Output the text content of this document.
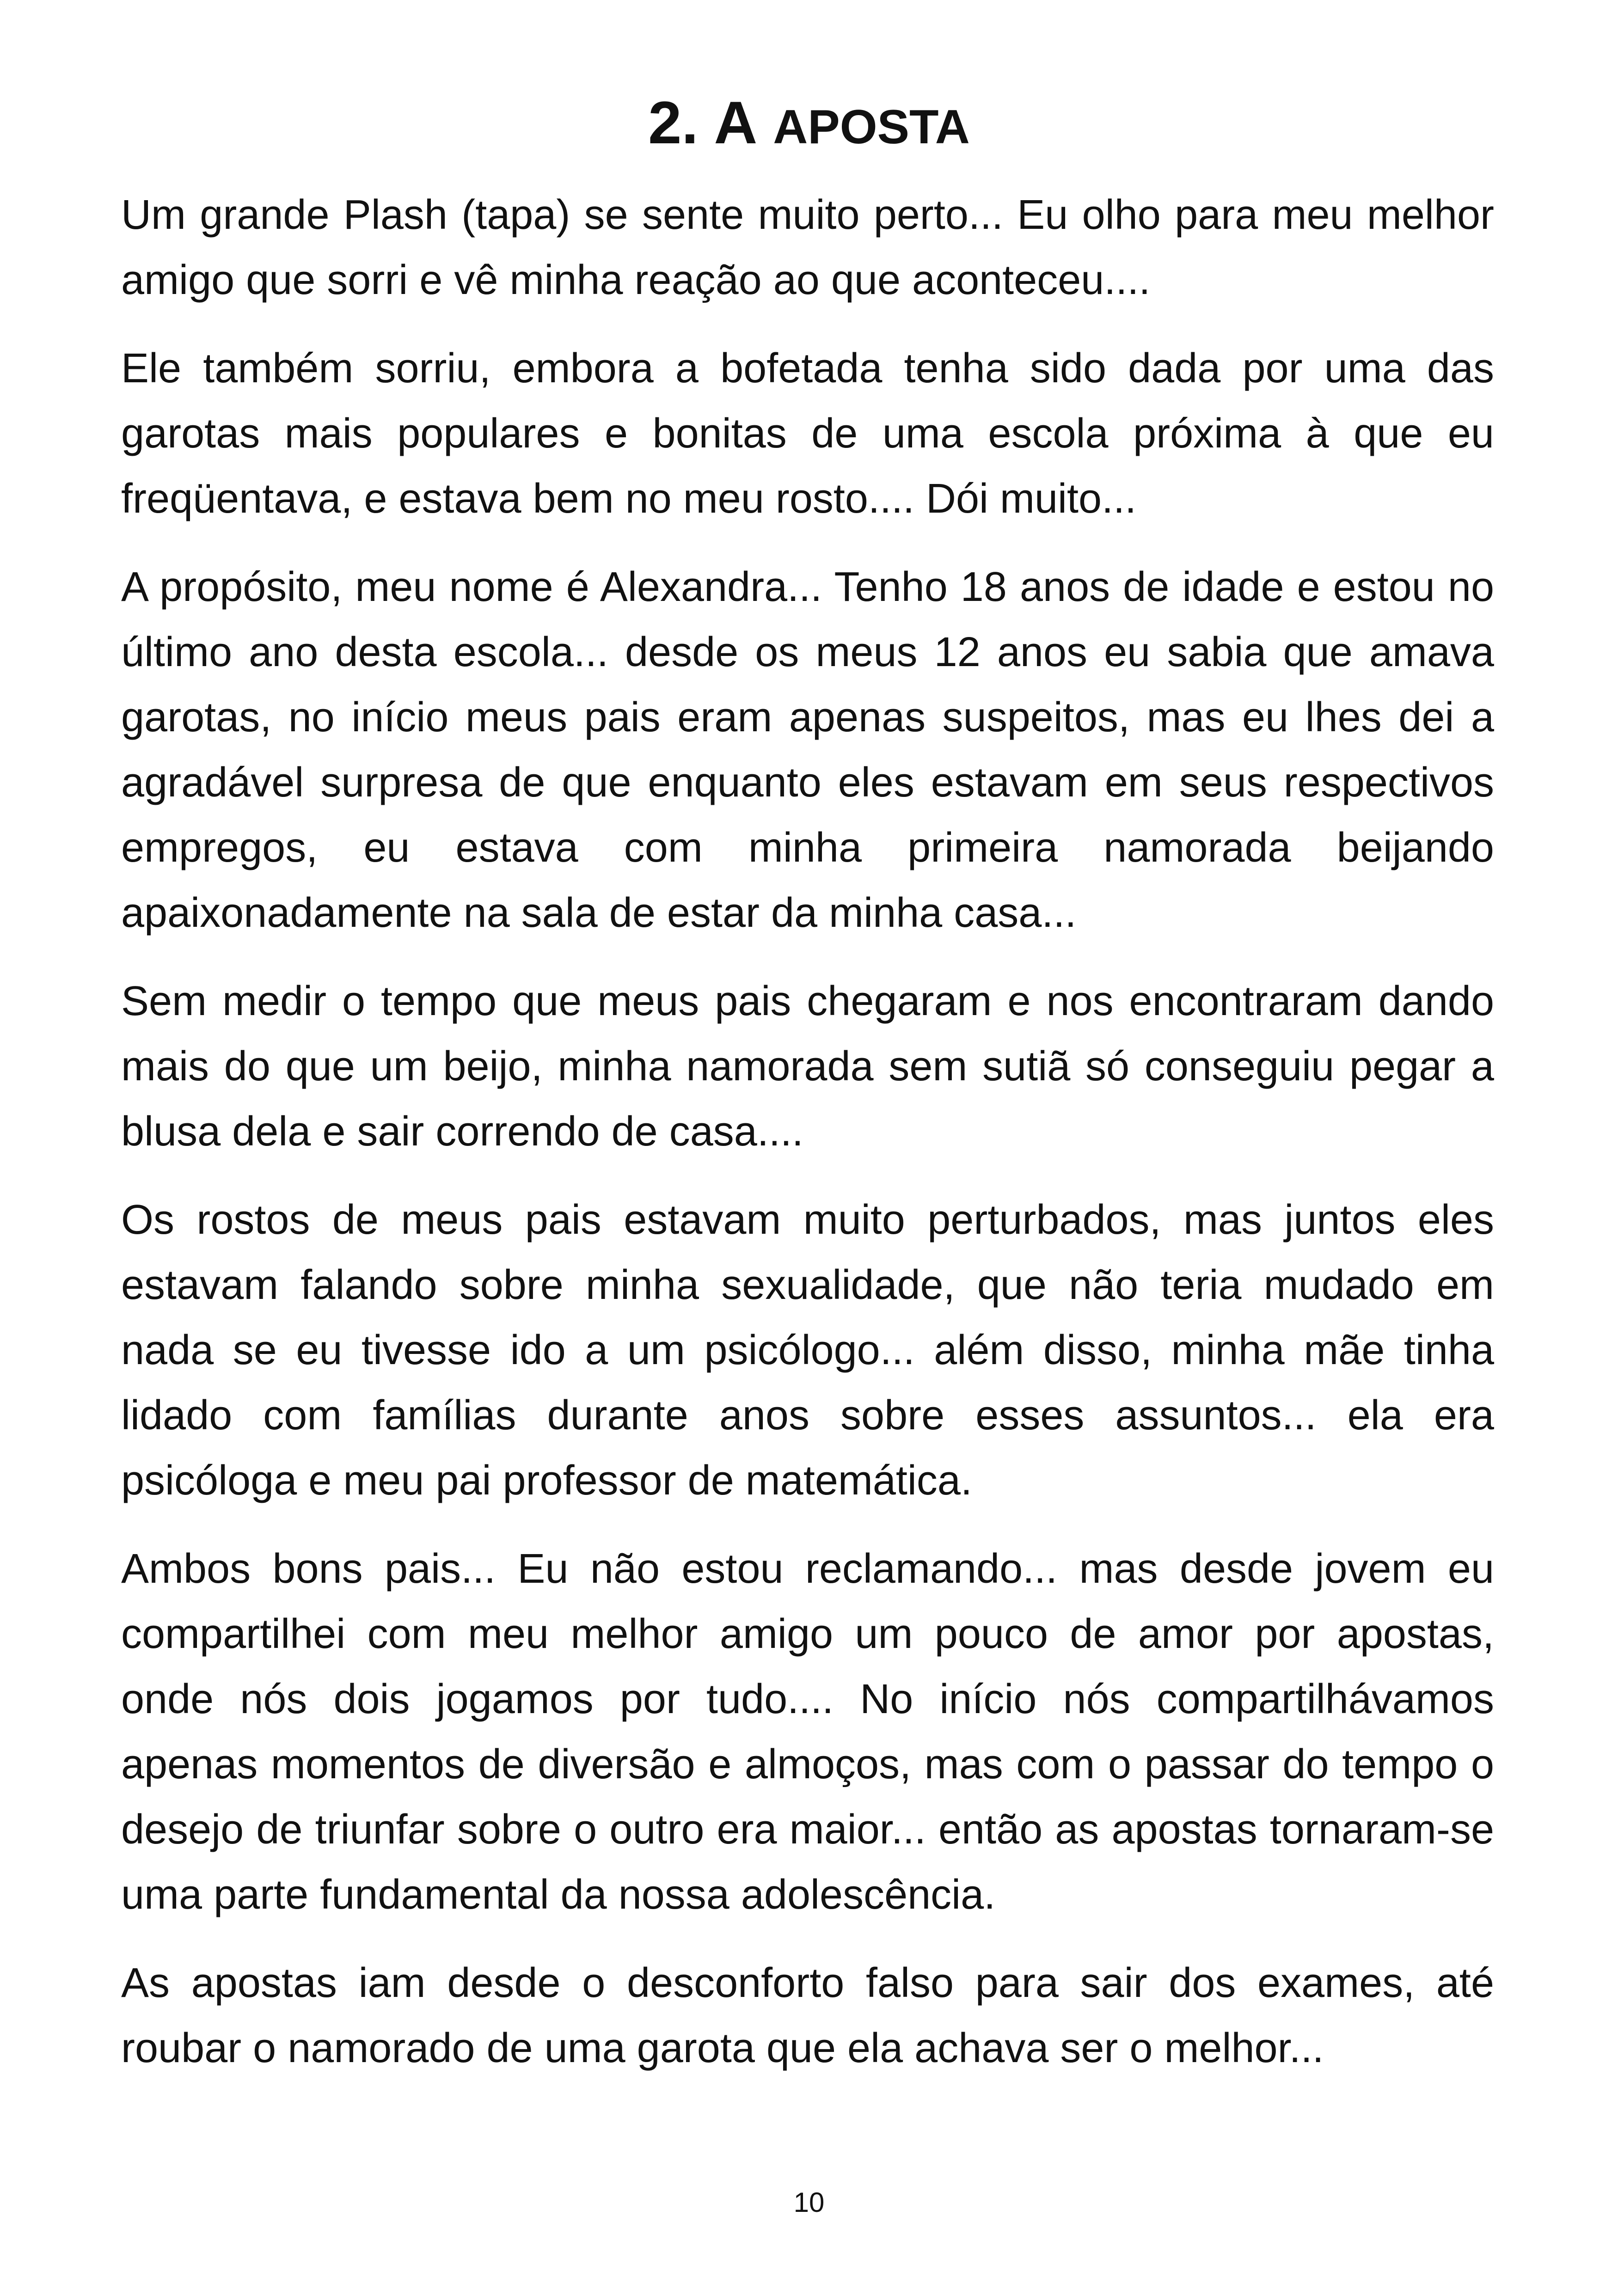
2. A APOSTA

Um grande Plash (tapa) se sente muito perto... Eu olho para meu melhor amigo que sorri e vê minha reação ao que aconteceu....

Ele também sorriu, embora a bofetada tenha sido dada por uma das garotas mais populares e bonitas de uma escola próxima à que eu freqüentava, e estava bem no meu rosto.... Dói muito...

A propósito, meu nome é Alexandra... Tenho 18 anos de idade e estou no último ano desta escola... desde os meus 12 anos eu sabia que amava garotas, no início meus pais eram apenas suspeitos, mas eu lhes dei a agradável surpresa de que enquanto eles estavam em seus respectivos empregos, eu estava com minha primeira namorada beijando apaixonadamente na sala de estar da minha casa...

Sem medir o tempo que meus pais chegaram e nos encontraram dando mais do que um beijo, minha namorada sem sutiã só conseguiu pegar a blusa dela e sair correndo de casa....

Os rostos de meus pais estavam muito perturbados, mas juntos eles estavam falando sobre minha sexualidade, que não teria mudado em nada se eu tivesse ido a um psicólogo... além disso, minha mãe tinha lidado com famílias durante anos sobre esses assuntos... ela era psicóloga e meu pai professor de matemática.

Ambos bons pais... Eu não estou reclamando... mas desde jovem eu compartilhei com meu melhor amigo um pouco de amor por apostas, onde nós dois jogamos por tudo.... No início nós compartilhávamos apenas momentos de diversão e almoços, mas com o passar do tempo o desejo de triunfar sobre o outro era maior... então as apostas tornaram-se uma parte fundamental da nossa adolescência.

As apostas iam desde o desconforto falso para sair dos exames, até roubar o namorado de uma garota que ela achava ser o melhor...

10
